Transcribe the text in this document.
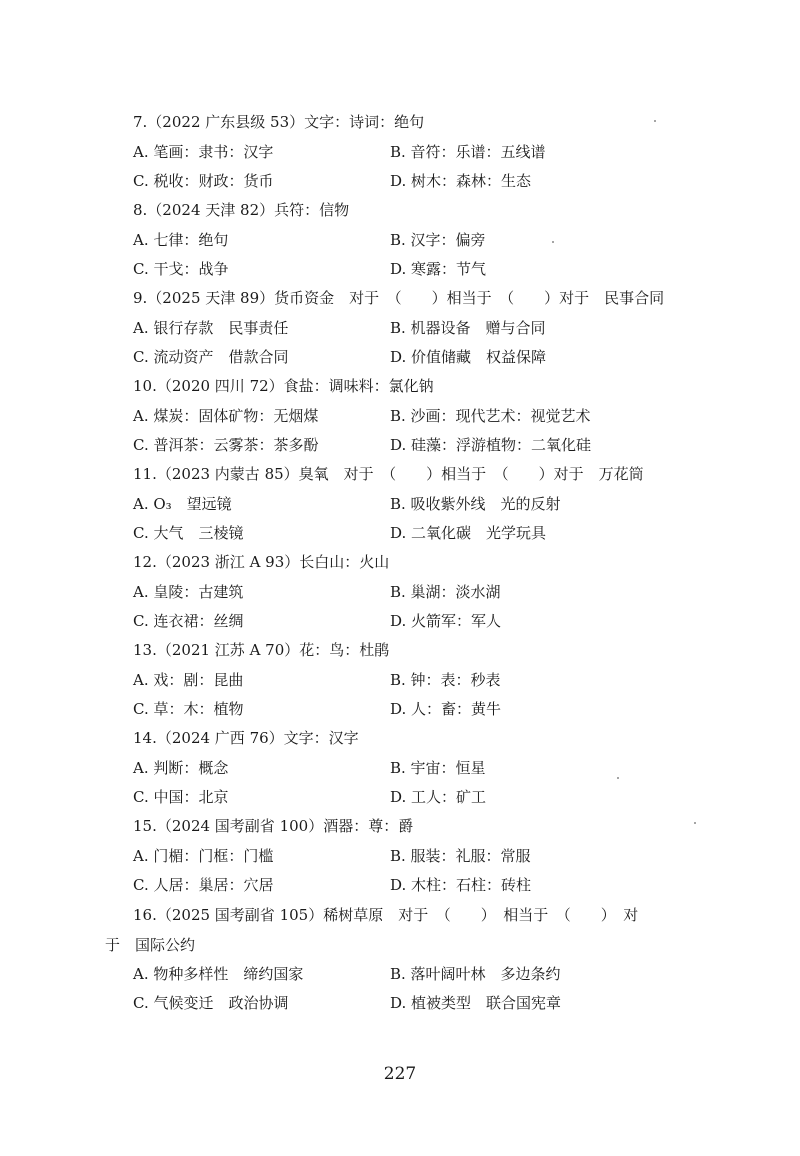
7.（2022 广东县级 53）文字：诗词：绝句
A. 笔画：隶书：汉字	B. 音符：乐谱：五线谱
C. 税收：财政：货币	D. 树木：森林：生态
8.（2024 天津 82）兵符：信物
A. 七律：绝句	B. 汉字：偏旁
C. 干戈：战争	D. 寒露：节气
9.（2025 天津 89）货币资金　对于　（　　）相当于　（　　）对于　民事合同
A. 银行存款　民事责任	B. 机器设备　赠与合同
C. 流动资产　借款合同	D. 价值储藏　权益保障
10.（2020 四川 72）食盐：调味料：氯化钠
A. 煤炭：固体矿物：无烟煤	B. 沙画：现代艺术：视觉艺术
C. 普洱茶：云雾茶：茶多酚	D. 硅藻：浮游植物：二氧化硅
11.（2023 内蒙古 85）臭氧　对于　（　　）相当于　（　　）对于　万花筒
A. O₃　望远镜	B. 吸收紫外线　光的反射
C. 大气　三棱镜	D. 二氧化碳　光学玩具
12.（2023 浙江 A 93）长白山：火山
A. 皇陵：古建筑	B. 巢湖：淡水湖
C. 连衣裙：丝绸	D. 火箭军：军人
13.（2021 江苏 A 70）花：鸟：杜鹃
A. 戏：剧：昆曲	B. 钟：表：秒表
C. 草：木：植物	D. 人：畜：黄牛
14.（2024 广西 76）文字：汉字
A. 判断：概念	B. 宇宙：恒星
C. 中国：北京	D. 工人：矿工
15.（2024 国考副省 100）酒器：尊：爵
A. 门楣：门框：门槛	B. 服装：礼服：常服
C. 人居：巢居：穴居	D. 木柱：石柱：砖柱
16.（2025 国考副省 105）稀树草原　对于　（　　）　相当于　（　　）　对
于　国际公约
A. 物种多样性　缔约国家	B. 落叶阔叶林　多边条约
C. 气候变迁　政治协调	D. 植被类型　联合国宪章
227
